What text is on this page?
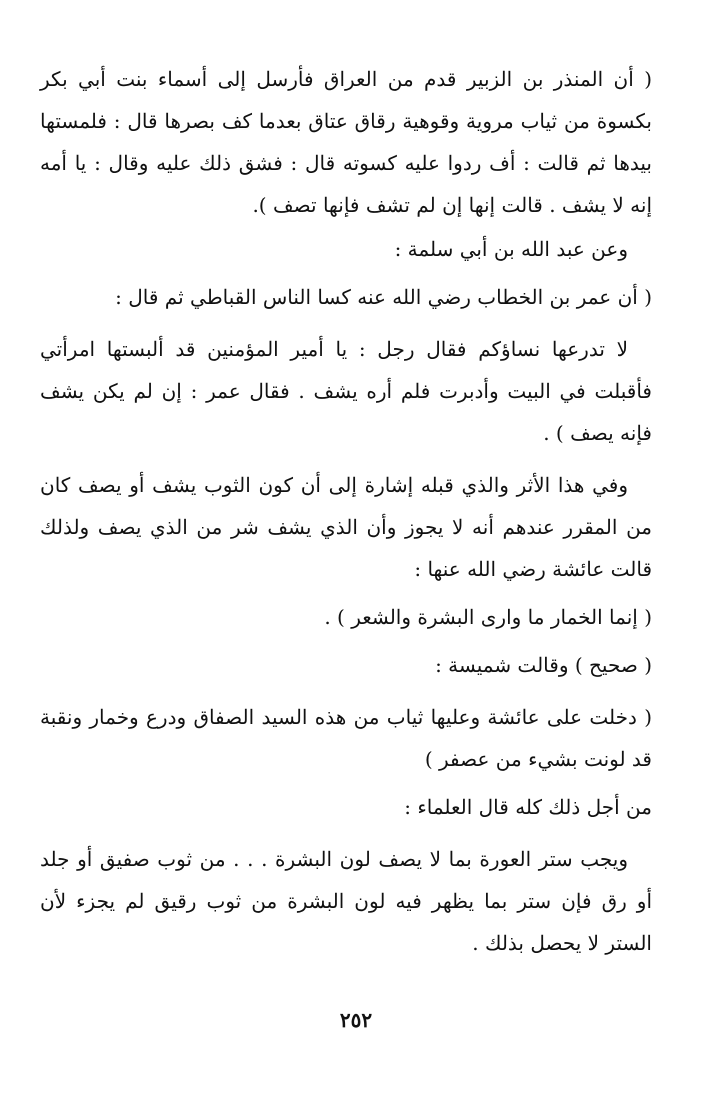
( أن المنذر بن الزبير قدم من العراق فأرسل إلى أسماء بنت أبي بكر بكسوة من ثياب مروية وقوهية رقاق عتاق بعدما كف بصرها قال : فلمستها بيدها ثم قالت : أف ردوا عليه كسوته قال : فشق ذلك عليه وقال : يا أمه إنه لا يشف . قالت إنها إن لم تشف فإنها تصف ).

وعن عبد الله بن أبي سلمة :

( أن عمر بن الخطاب رضي الله عنه كسا الناس القباطي ثم قال :

لا تدرعها نساؤكم فقال رجل : يا أمير المؤمنين قد ألبستها امرأتي فأقبلت في البيت وأدبرت فلم أره يشف . فقال عمر : إن لم يكن يشف فإنه يصف ) .

وفي هذا الأثر والذي قبله إشارة إلى أن كون الثوب يشف أو يصف كان من المقرر عندهم أنه لا يجوز وأن الذي يشف شر من الذي يصف ولذلك قالت عائشة رضي الله عنها :

( إنما الخمار ما وارى البشرة والشعر ) .

( صحيح ) وقالت شميسة :

( دخلت على عائشة وعليها ثياب من هذه السيد الصفاق ودرع وخمار ونقبة قد لونت بشيء من عصفر )

من أجل ذلك كله قال العلماء :

ويجب ستر العورة بما لا يصف لون البشرة . . . من ثوب صفيق أو جلد أو رق فإن ستر بما يظهر فيه لون البشرة من ثوب رقيق لم يجزء لأن الستر لا يحصل بذلك .

٢٥٢
